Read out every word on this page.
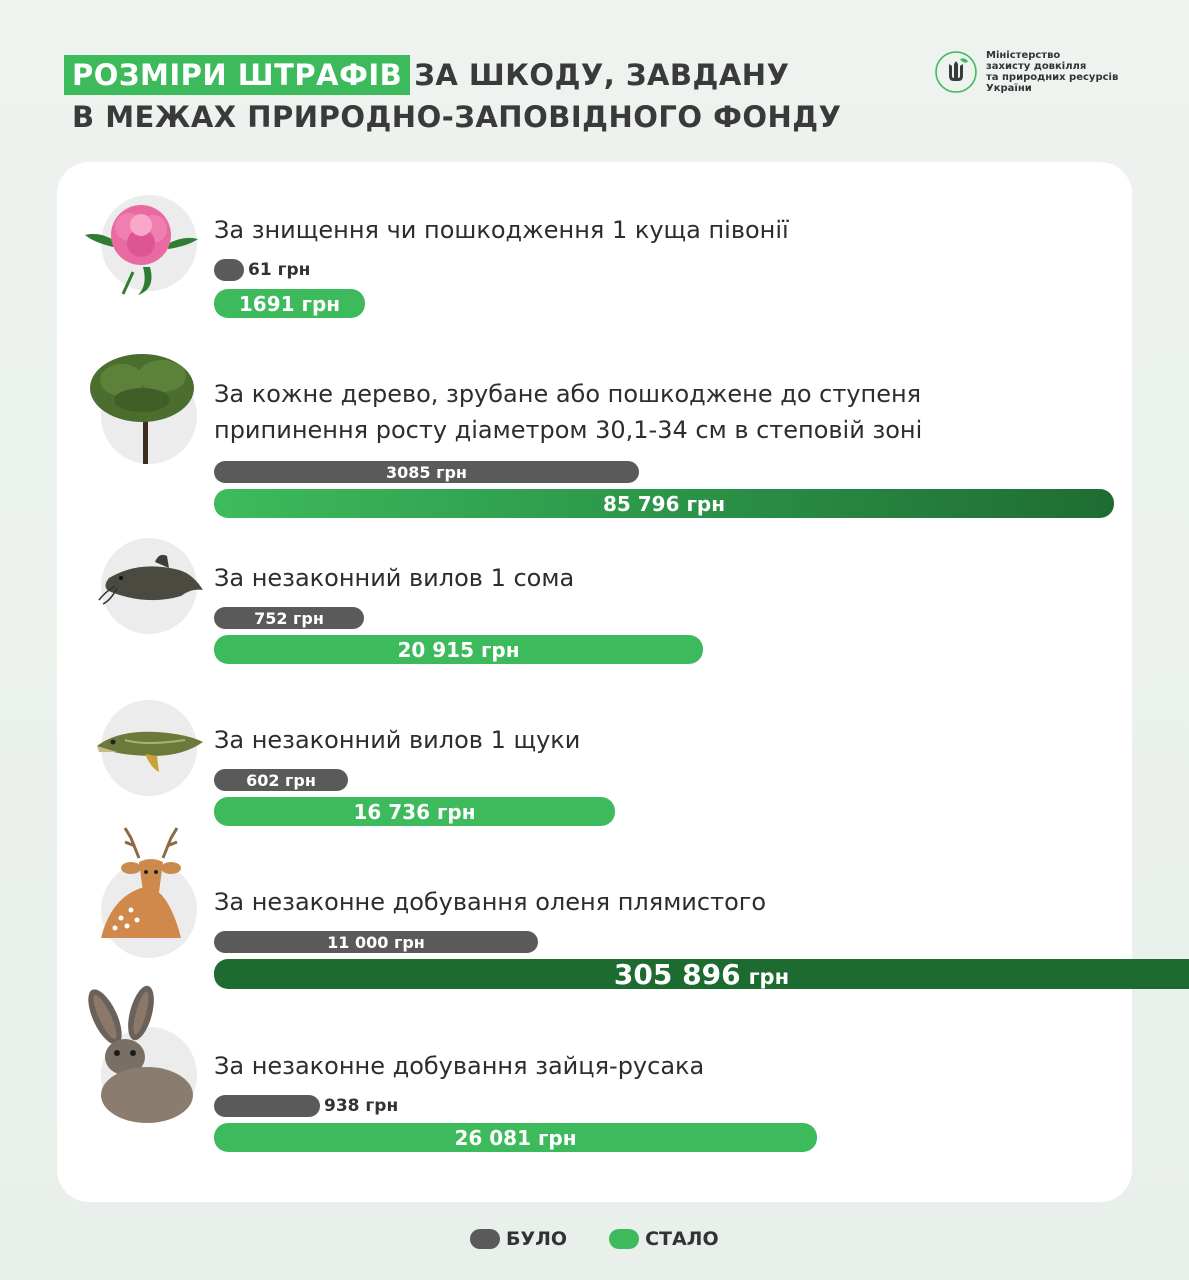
РОЗМІРИ ШТРАФІВ ЗА ШКОДУ, ЗАВДАНУ
В МЕЖАХ ПРИРОДНО-ЗАПОВІДНОГО ФОНДУ
Міністерство
захисту довкілля
та природних ресурсів
України
За знищення чи пошкодження 1 куща півонії
За кожне дерево, зрубане або пошкоджене до ступеня
припинення росту діаметром 30,1-34 см в степовій зоні
За незаконний вилов 1 сома
За незаконний вилов 1 щуки
За незаконне добування оленя плямистого
За незаконне добування зайця-русака
61 грн
1691 грн
3085 грн
85 796 грн
752 грн
20 915 грн
602 грн
16 736 грн
11 000 грн
305 896 грн
938 грн
26 081 грн
БУЛО	СТАЛО
